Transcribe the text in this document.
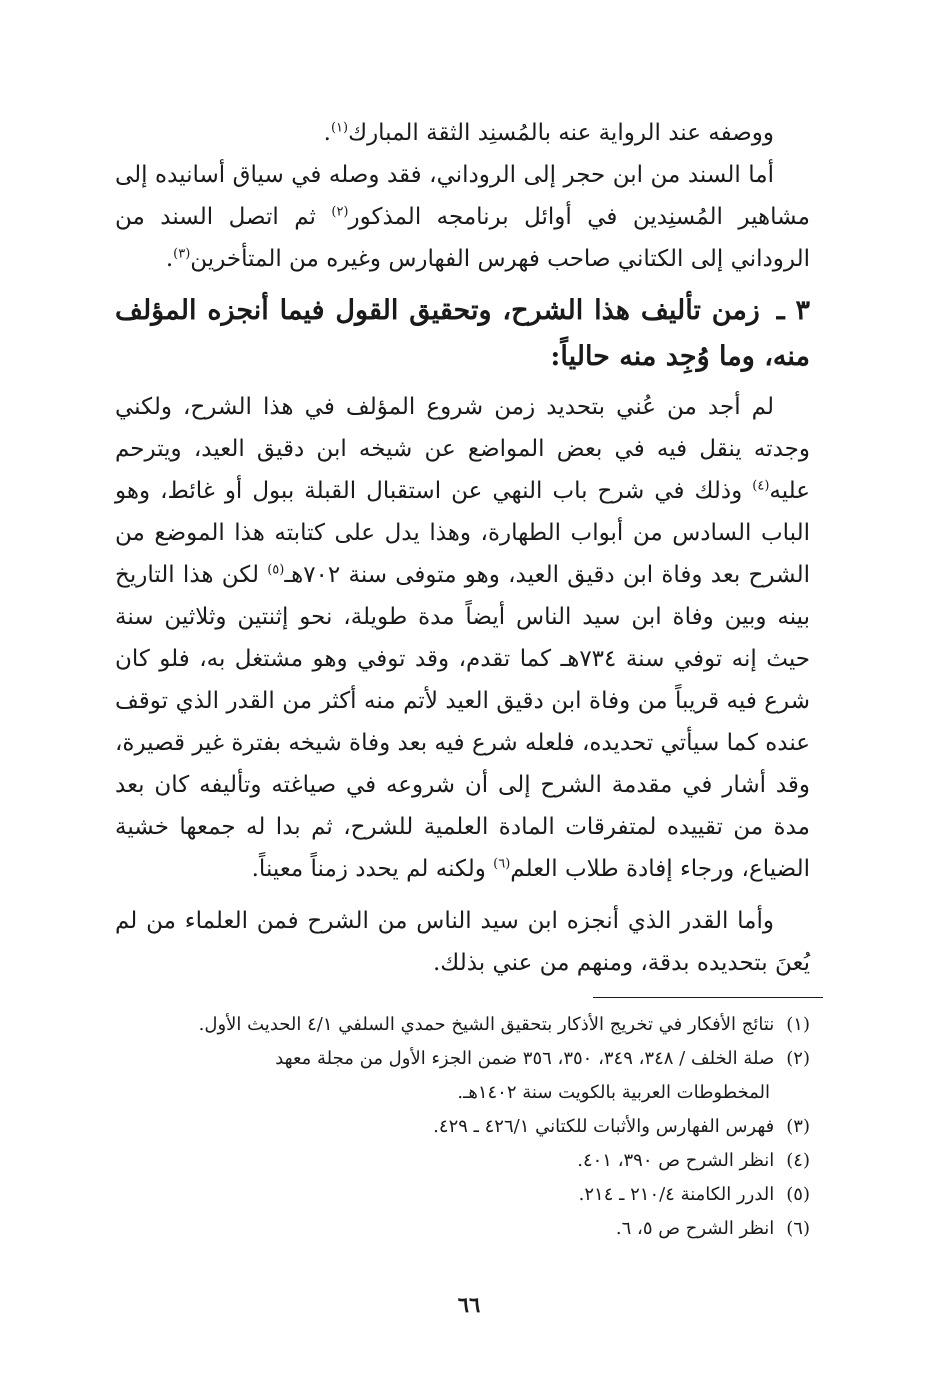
ووصفه عند الرواية عنه بالمُسنِد الثقة المبارك$^{(١)}$.

أما السند من ابن حجر إلى الروداني، فقد وصله في سياق أسانيده إلى مشاهير المُسنِدين في أوائل برنامجه المذكور$^{(٢)}$ ثم اتصل السند من الروداني إلى الكتاني صاحب فهرس الفهارس وغيره من المتأخرين$^{(٣)}$.

٣ ـ زمن تأليف هذا الشرح، وتحقيق القول فيما أنجزه المؤلف منه، وما وُجِد منه حالياً:

لم أجد من عُني بتحديد زمن شروع المؤلف في هذا الشرح، ولكني وجدته ينقل فيه في بعض المواضع عن شيخه ابن دقيق العيد، ويترحم عليه$^{(٤)}$ وذلك في شرح باب النهي عن استقبال القبلة ببول أو غائط، وهو الباب السادس من أبواب الطهارة، وهذا يدل على كتابته هذا الموضع من الشرح بعد وفاة ابن دقيق العيد، وهو متوفى سنة ٧٠٢هـ$^{(٥)}$ لكن هذا التاريخ بينه وبين وفاة ابن سيد الناس أيضاً مدة طويلة، نحو إثنتين وثلاثين سنة حيث إنه توفي سنة ٧٣٤هـ كما تقدم، وقد توفي وهو مشتغل به، فلو كان شرع فيه قريباً من وفاة ابن دقيق العيد لأتم منه أكثر من القدر الذي توقف عنده كما سيأتي تحديده، فلعله شرع فيه بعد وفاة شيخه بفترة غير قصيرة، وقد أشار في مقدمة الشرح إلى أن شروعه في صياغته وتأليفه كان بعد مدة من تقييده لمتفرقات المادة العلمية للشرح، ثم بدا له جمعها خشية الضياع، ورجاء إفادة طلاب العلم$^{(٦)}$ ولكنه لم يحدد زمناً معيناً.

وأما القدر الذي أنجزه ابن سيد الناس من الشرح فمن العلماء من لم يُعنَ بتحديده بدقة، ومنهم من عني بذلك.

(١) نتائج الأفكار في تخريج الأذكار بتحقيق الشيخ حمدي السلفي ٤/١ الحديث الأول.

(٢) صلة الخلف / ٣٤٨، ٣٤٩، ٣٥٠، ٣٥٦ ضمن الجزء الأول من مجلة معهد
المخطوطات العربية بالكويت سنة ١٤٠٢هـ.

(٣) فهرس الفهارس والأثبات للكتاني ٤٢٦/١ ـ ٤٢٩.

(٤) انظر الشرح ص ٣٩٠، ٤٠١.

(٥) الدرر الكامنة ٢١٠/٤ ـ ٢١٤.

(٦) انظر الشرح ص ٥، ٦.

٦٦
